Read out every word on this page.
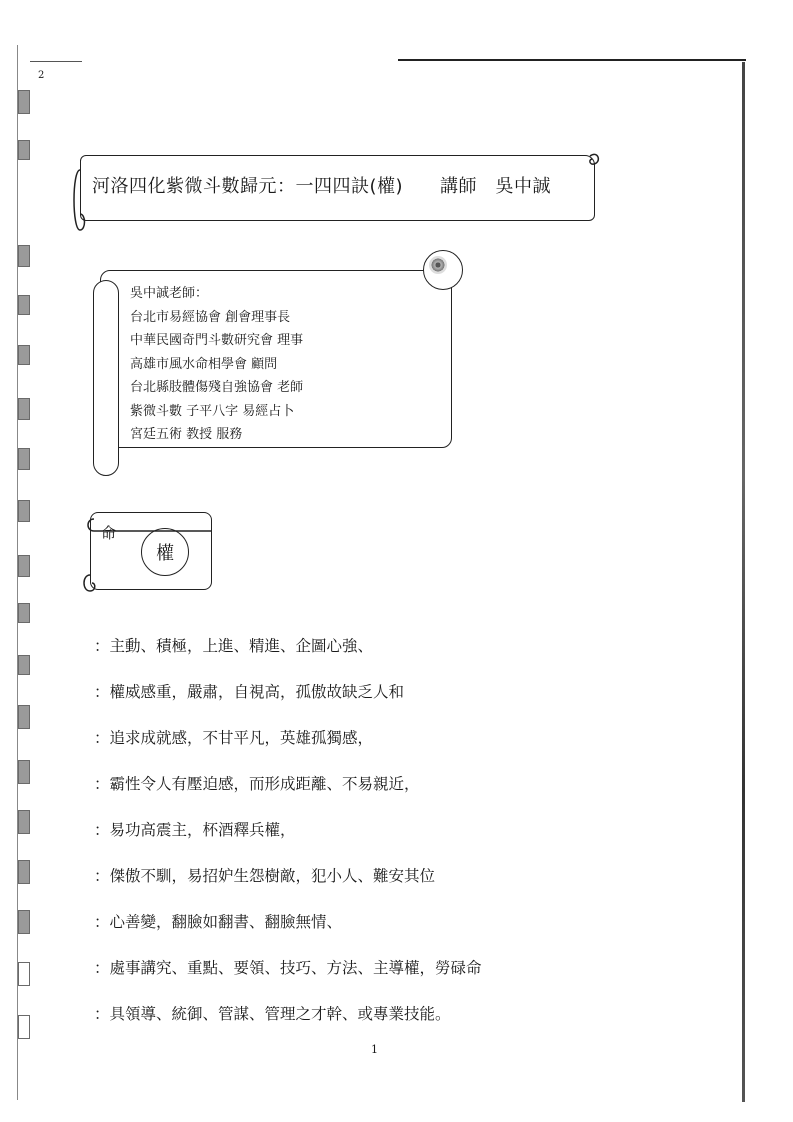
2
河洛四化紫微斗數歸元：一四四訣(權)　　講師　吳中誠
吳中誠老師：
台北市易經協會 創會理事長
中華民國奇門斗數研究會 理事
高雄市風水命相學會 顧問
台北縣肢體傷殘自強協會 老師
紫微斗數 子平八字 易經占卜
宮廷五術 教授 服務
命
權
：主動、積極，上進、精進、企圖心強、
：權威感重，嚴肅，自視高，孤傲故缺乏人和
：追求成就感，不甘平凡，英雄孤獨感，
：霸性令人有壓迫感，而形成距離、不易親近，
：易功高震主，杯酒釋兵權，
：傑傲不馴，易招妒生怨樹敵，犯小人、難安其位
：心善變，翻臉如翻書、翻臉無情、
：處事講究、重點、要領、技巧、方法、主導權，勞碌命
：具領導、統御、管謀、管理之才幹、或專業技能。
1
